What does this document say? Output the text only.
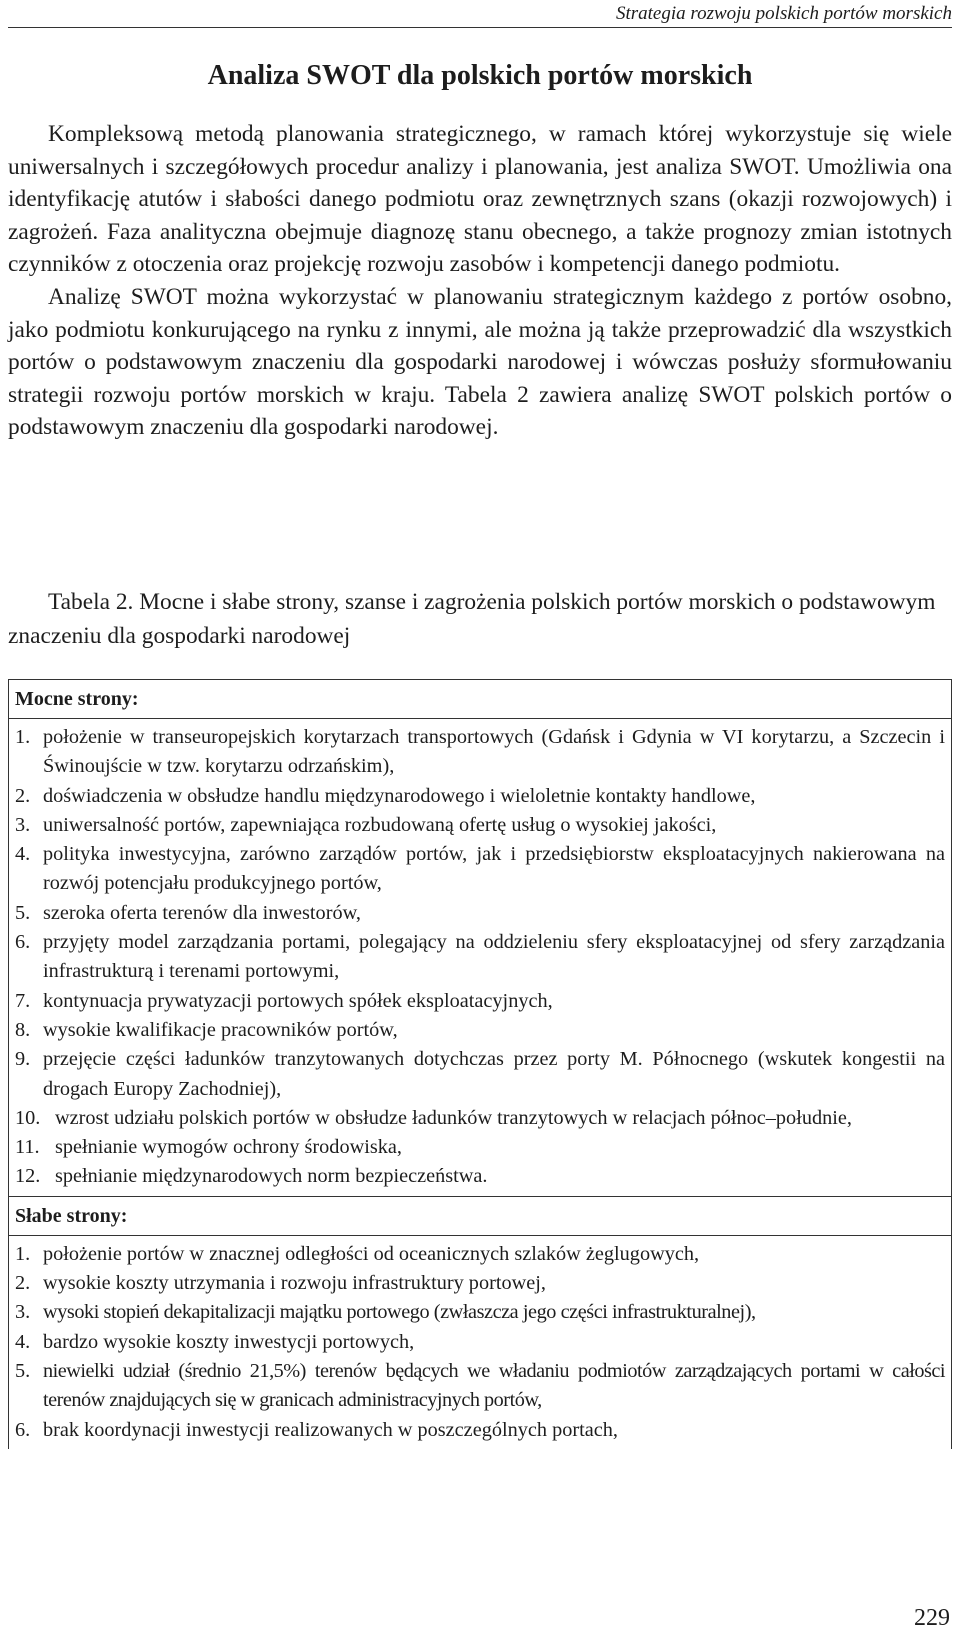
Strategia rozwoju polskich portów morskich
Analiza SWOT dla polskich portów morskich

Kompleksową metodą planowania strategicznego, w ramach której wykorzystuje się wiele uniwersalnych i szczegółowych procedur analizy i planowania, jest analiza SWOT. Umożliwia ona identyfikację atutów i słabości danego podmiotu oraz zewnętrznych szans (okazji rozwojowych) i zagrożeń. Faza analityczna obejmuje diagnozę stanu obecnego, a także prognozy zmian istotnych czynników z otoczenia oraz projekcję rozwoju zasobów i kompetencji danego podmiotu.

Analizę SWOT można wykorzystać w planowaniu strategicznym każdego z portów osobno, jako podmiotu konkurującego na rynku z innymi, ale można ją także przeprowadzić dla wszystkich portów o podstawowym znaczeniu dla gospodarki narodowej i wówczas posłuży sformułowaniu strategii rozwoju portów morskich w kraju. Tabela 2 zawiera analizę SWOT polskich portów o podstawowym znaczeniu dla gospodarki narodowej.

Tabela 2. Mocne i słabe strony, szanse i zagrożenia polskich portów morskich o podstawowym znaczeniu dla gospodarki narodowej
Mocne strony:
1. położenie w transeuropejskich korytarzach transportowych (Gdańsk i Gdynia w VI korytarzu, a Szczecin i Świnoujście w tzw. korytarzu odrzańskim),
2. doświadczenia w obsłudze handlu międzynarodowego i wieloletnie kontakty handlowe,
3. uniwersalność portów, zapewniająca rozbudowaną ofertę usług o wysokiej jakości,
4. polityka inwestycyjna, zarówno zarządów portów, jak i przedsiębiorstw eksploatacyjnych nakierowana na rozwój potencjału produkcyjnego portów,
5. szeroka oferta terenów dla inwestorów,
6. przyjęty model zarządzania portami, polegający na oddzieleniu sfery eksploatacyjnej od sfery zarządzania infrastrukturą i terenami portowymi,
7. kontynuacja prywatyzacji portowych spółek eksploatacyjnych,
8. wysokie kwalifikacje pracowników portów,
9. przejęcie części ładunków tranzytowanych dotychczas przez porty M. Północnego (wskutek kongestii na drogach Europy Zachodniej),
10. wzrost udziału polskich portów w obsłudze ładunków tranzytowych w relacjach północ–południe,
11. spełnianie wymogów ochrony środowiska,
12. spełnianie międzynarodowych norm bezpieczeństwa.
Słabe strony:
1. położenie portów w znacznej odległości od oceanicznych szlaków żeglugowych,
2. wysokie koszty utrzymania i rozwoju infrastruktury portowej,
3. wysoki stopień dekapitalizacji majątku portowego (zwłaszcza jego części infrastrukturalnej),
4. bardzo wysokie koszty inwestycji portowych,
5. niewielki udział (średnio 21,5%) terenów będących we władaniu podmiotów zarządzających portami w całości terenów znajdujących się w granicach administracyjnych portów,
6. brak koordynacji inwestycji realizowanych w poszczególnych portach,
229
